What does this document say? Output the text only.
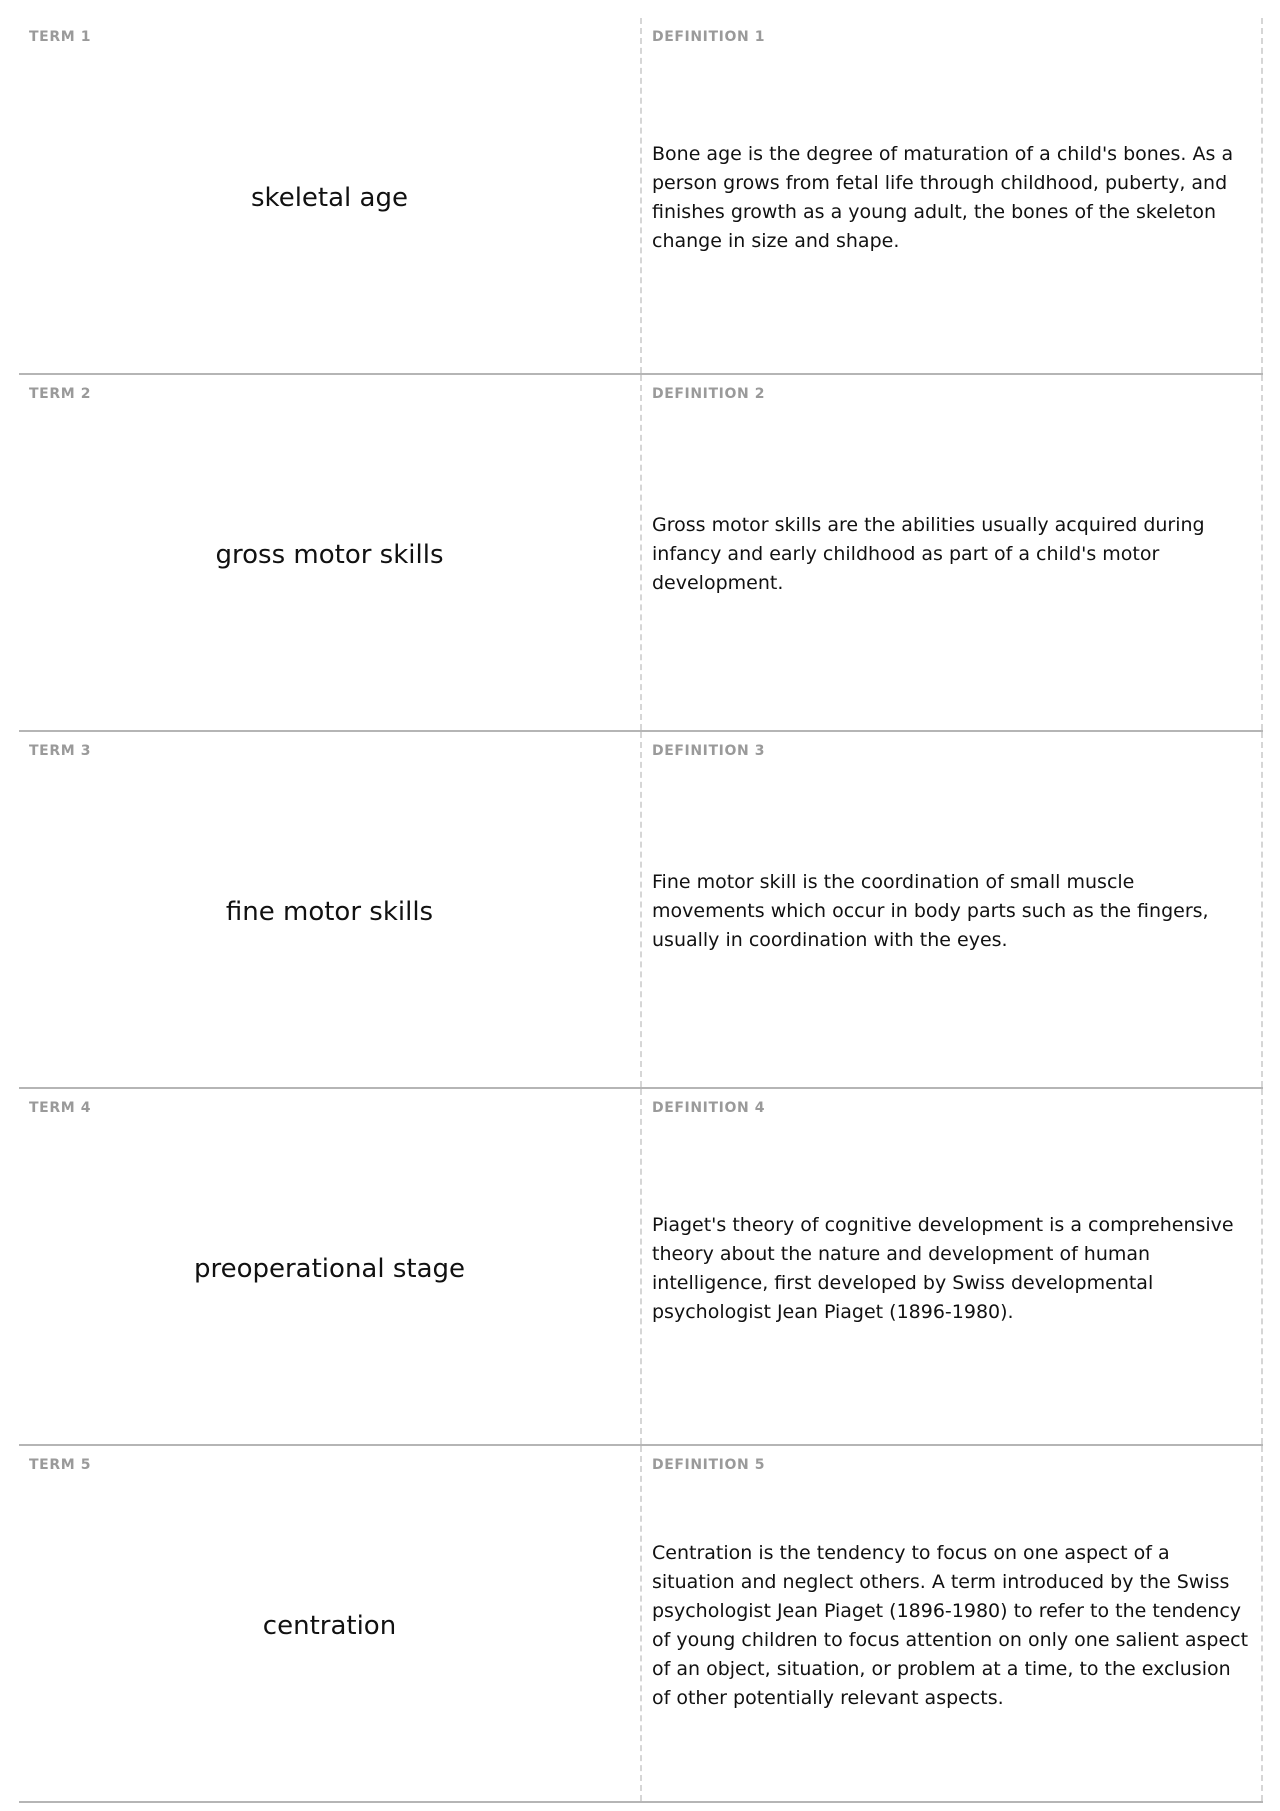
TERM 1
skeletal age
DEFINITION 1
Bone age is the degree of maturation of a child's bones. As a person grows from fetal life through childhood, puberty, and finishes growth as a young adult, the bones of the skeleton change in size and shape.
TERM 2
gross motor skills
DEFINITION 2
Gross motor skills are the abilities usually acquired during infancy and early childhood as part of a child's motor development.
TERM 3
fine motor skills
DEFINITION 3
Fine motor skill is the coordination of small muscle movements which occur in body parts such as the fingers, usually in coordination with the eyes.
TERM 4
preoperational stage
DEFINITION 4
Piaget's theory of cognitive development is a comprehensive theory about the nature and development of human intelligence, first developed by Swiss developmental psychologist Jean Piaget (1896-1980).
TERM 5
centration
DEFINITION 5
Centration is the tendency to focus on one aspect of a situation and neglect others. A term introduced by the Swiss psychologist Jean Piaget (1896-1980) to refer to the tendency of young children to focus attention on only one salient aspect of an object, situation, or problem at a time, to the exclusion of other potentially relevant aspects.
